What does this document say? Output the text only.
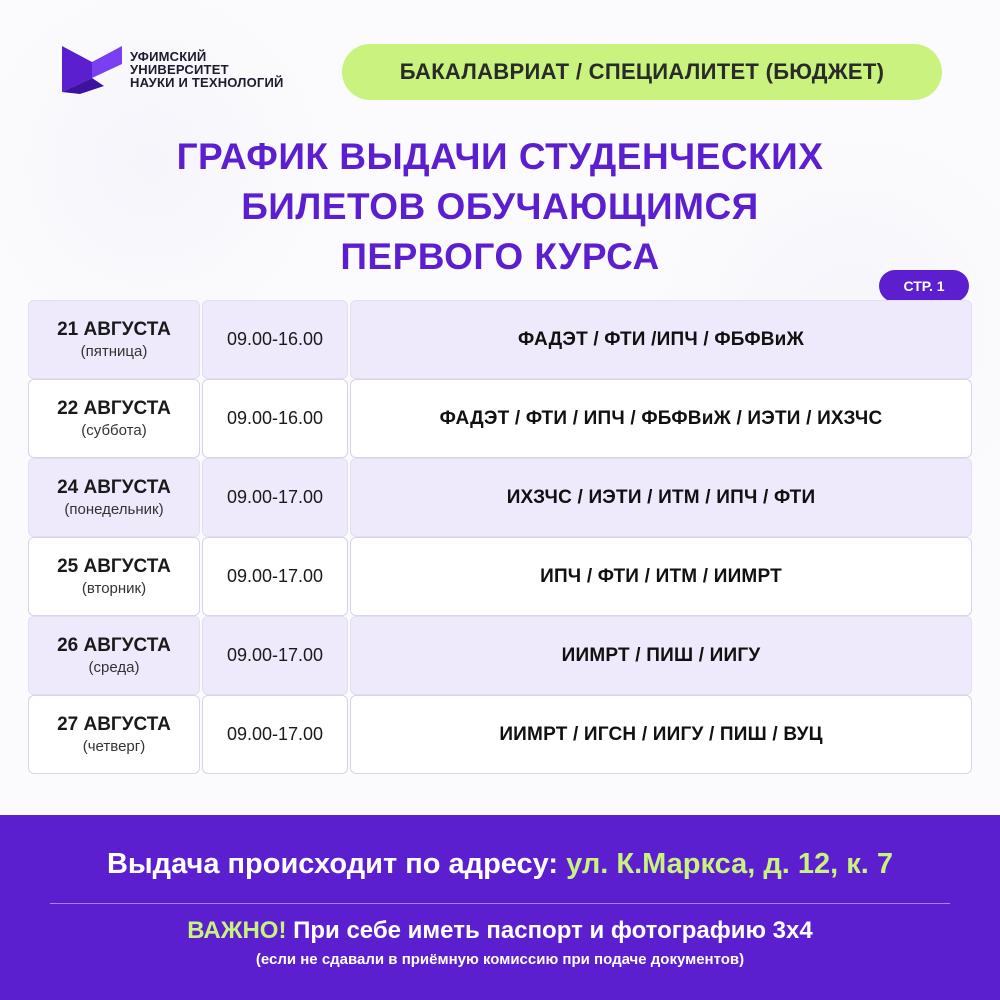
УФИМСКИЙ
УНИВЕРСИТЕТ
НАУКИ И ТЕХНОЛОГИЙ	БАКАЛАВРИАТ / СПЕЦИАЛИТЕТ (БЮДЖЕТ)
ГРАФИК ВЫДАЧИ СТУДЕНЧЕСКИХ
БИЛЕТОВ ОБУЧАЮЩИМСЯ
ПЕРВОГО КУРСА
СТР. 1
21 АВГУСТА
(пятница)
09.00-16.00	ФАДЭТ / ФТИ /ИПЧ / ФБФВиЖ
22 АВГУСТА
(суббота)
09.00-16.00	ФАДЭТ / ФТИ / ИПЧ / ФБФВиЖ / ИЭТИ / ИХЗЧС
24 АВГУСТА
(понедельник)
09.00-17.00	ИХЗЧС / ИЭТИ / ИТМ / ИПЧ / ФТИ
25 АВГУСТА
(вторник)
09.00-17.00	ИПЧ / ФТИ / ИТМ / ИИМРТ
26 АВГУСТА
(среда)
09.00-17.00	ИИМРТ / ПИШ / ИИГУ
27 АВГУСТА
(четверг)
09.00-17.00	ИИМРТ / ИГСН / ИИГУ / ПИШ / ВУЦ
Выдача происходит по адресу: ул. К.Маркса, д. 12, к. 7
ВАЖНО! При себе иметь паспорт и фотографию 3x4
(если не сдавали в приёмную комиссию при подаче документов)
